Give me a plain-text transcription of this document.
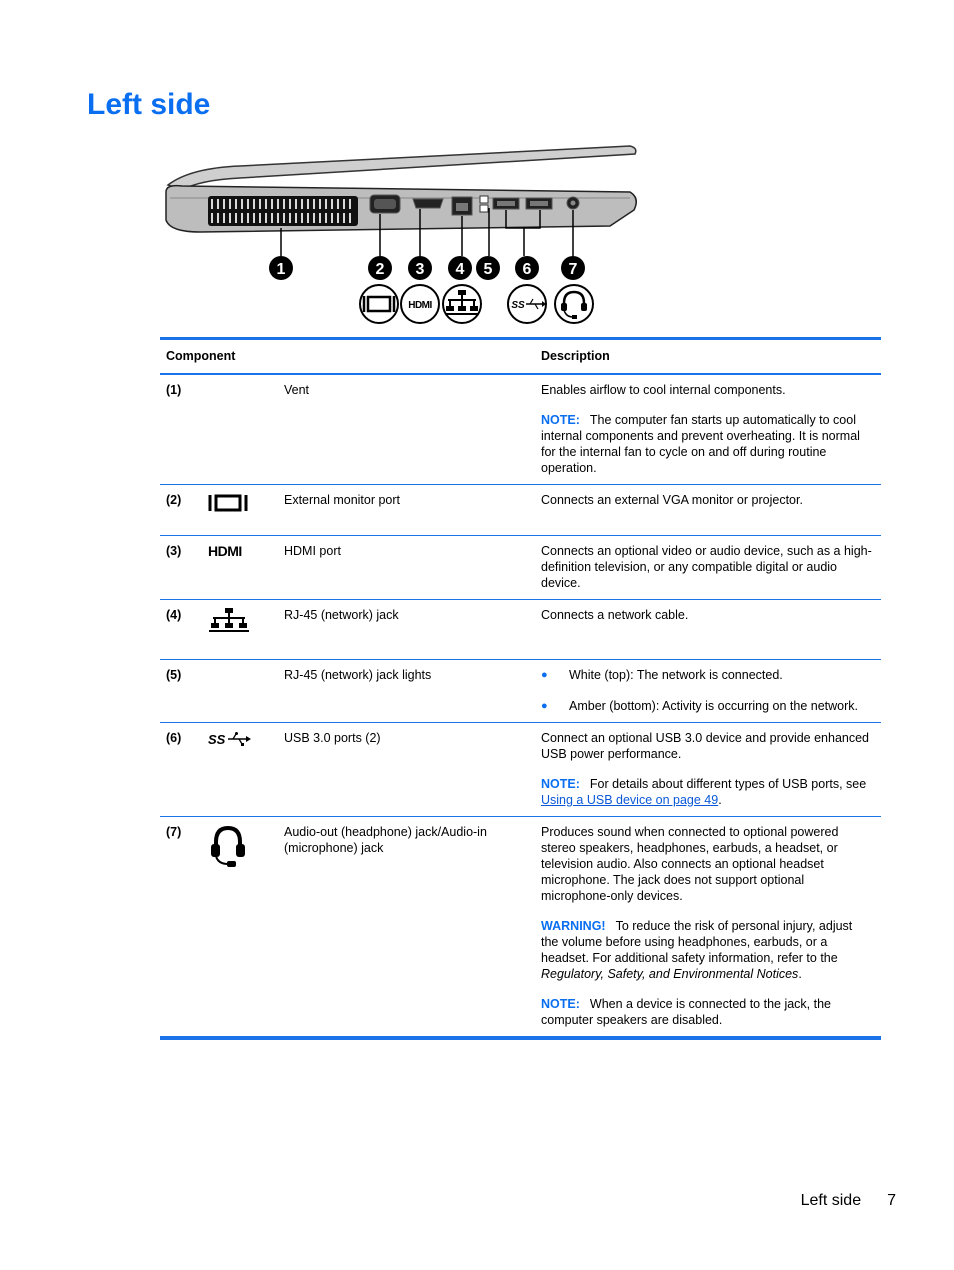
Left side
1	2 3 4 5 6 7
HDMI	SS
Component			Description
(1)		Vent	Enables airflow to cool internal components.

NOTE: The computer fan starts up automatically to cool internal components and prevent overheating. It is normal for the internal fan to cycle on and off during routine operation.

(2)		External monitor port	Connects an external VGA monitor or projector.

(3)	HDMI	HDMI port	Connects an optional video or audio device, such as a high-definition television, or any compatible digital or audio device.

(4)		RJ-45 (network) jack	Connects a network cable.

(5)		RJ-45 (network) jack lights	● White (top): The network is connected.
● Amber (bottom): Activity is occurring on the network.

(6)	SS	USB 3.0 ports (2)	Connect an optional USB 3.0 device and provide enhanced USB power performance.

NOTE: For details about different types of USB ports, see Using a USB device on page 49.

(7)		Audio-out (headphone) jack/Audio-in (microphone) jack	Produces sound when connected to optional powered stereo speakers, headphones, earbuds, a headset, or television audio. Also connects an optional headset microphone. The jack does not support optional microphone-only devices.

WARNING! To reduce the risk of personal injury, adjust the volume before using headphones, earbuds, or a headset. For additional safety information, refer to the Regulatory, Safety, and Environmental Notices.

NOTE: When a device is connected to the jack, the computer speakers are disabled.

Left side 7
